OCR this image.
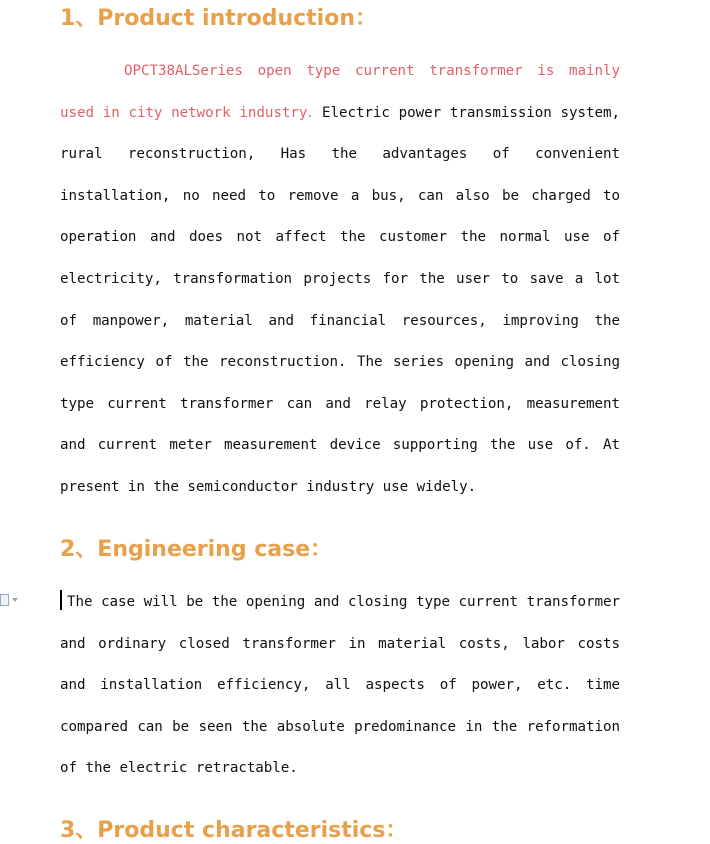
1、Product introduction：

OPCT38ALSeries open type current transformer is mainly used in city network industry．Electric power transmission system, rural reconstruction, Has the advantages of convenient installation, no need to remove a bus, can also be charged to operation and does not affect the customer the normal use of electricity, transformation projects for the user to save a lot of manpower, material and financial resources, improving the efficiency of the reconstruction. The series opening and closing type current transformer can and relay protection, measurement and current meter measurement device supporting the use of. At present in the semiconductor industry use widely.

2、Engineering case：

The case will be the opening and closing type current transformer and ordinary closed transformer in material costs, labor costs and installation efficiency, all aspects of power, etc. time compared can be seen the absolute predominance in the reformation of the electric retractable.

3、Product characteristics：
